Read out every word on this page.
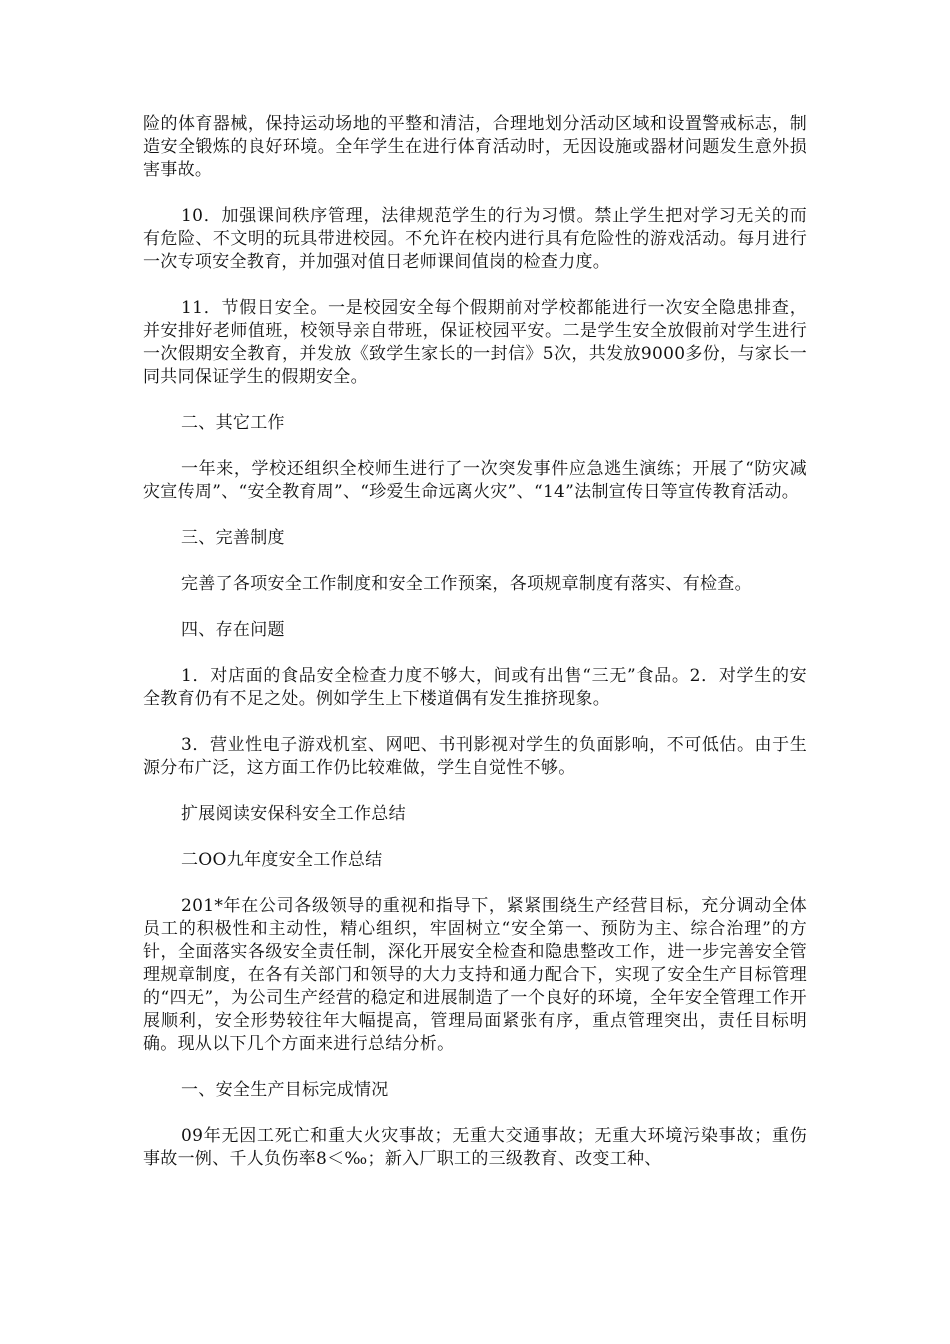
险的体育器械，保持运动场地的平整和清洁，合理地划分活动区域和设置警戒标志，制造安全锻炼的良好环境。全年学生在进行体育活动时，无因设施或器材问题发生意外损害事故。

10．加强课间秩序管理，法律规范学生的行为习惯。禁止学生把对学习无关的而有危险、不文明的玩具带进校园。不允许在校内进行具有危险性的游戏活动。每月进行一次专项安全教育，并加强对值日老师课间值岗的检查力度。

11．节假日安全。一是校园安全每个假期前对学校都能进行一次安全隐患排查，并安排好老师值班，校领导亲自带班，保证校园平安。二是学生安全放假前对学生进行一次假期安全教育，并发放《致学生家长的一封信》5次，共发放9000多份，与家长一同共同保证学生的假期安全。

二、其它工作

一年来，学校还组织全校师生进行了一次突发事件应急逃生演练；开展了“防灾减灾宣传周”、“安全教育周”、“珍爱生命远离火灾”、“14”法制宣传日等宣传教育活动。

三、完善制度

完善了各项安全工作制度和安全工作预案，各项规章制度有落实、有检查。

四、存在问题

1．对店面的食品安全检查力度不够大，间或有出售“三无”食品。2．对学生的安全教育仍有不足之处。例如学生上下楼道偶有发生推挤现象。

3．营业性电子游戏机室、网吧、书刊影视对学生的负面影响，不可低估。由于生源分布广泛，这方面工作仍比较难做，学生自觉性不够。

扩展阅读安保科安全工作总结

二OO九年度安全工作总结

201*年在公司各级领导的重视和指导下，紧紧围绕生产经营目标，充分调动全体员工的积极性和主动性，精心组织，牢固树立“安全第一、预防为主、综合治理”的方针，全面落实各级安全责任制，深化开展安全检查和隐患整改工作，进一步完善安全管理规章制度，在各有关部门和领导的大力支持和通力配合下，实现了安全生产目标管理的“四无”，为公司生产经营的稳定和进展制造了一个良好的环境，全年安全管理工作开展顺利，安全形势较往年大幅提高，管理局面紧张有序，重点管理突出，责任目标明确。现从以下几个方面来进行总结分析。

一、安全生产目标完成情况

09年无因工死亡和重大火灾事故；无重大交通事故；无重大环境污染事故；重伤事故一例、千人负伤率8＜‰；新入厂职工的三级教育、改变工种、
